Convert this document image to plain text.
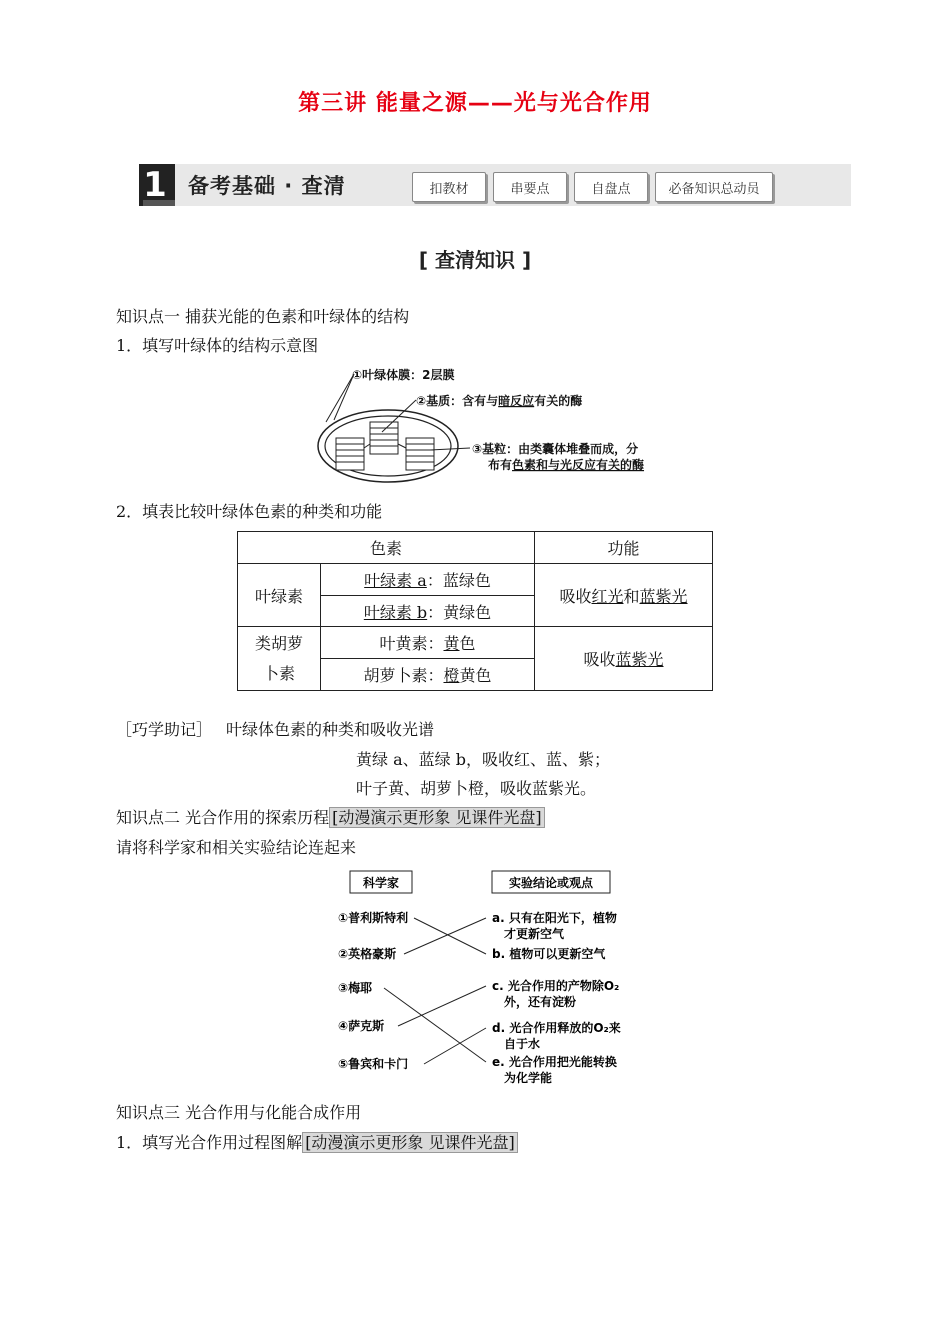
第三讲 能量之源——光与光合作用
1 备考基础 · 查清	扣教材	串要点	自盘点	必备知识总动员
[ 查清知识 ]
知识点一 捕获光能的色素和叶绿体的结构
1．填写叶绿体的结构示意图
①叶绿体膜：2层膜
②基质：含有与暗反应有关的酶
③基粒：由类囊体堆叠而成，分
布有色素和与光反应有关的酶
2．填表比较叶绿体色素的种类和功能
色素		功能
叶绿素	叶绿素 a：蓝绿色	吸收红光和蓝紫光
	叶绿素 b：黄绿色	
类胡萝
卜素	叶黄素：黄色	吸收蓝紫光
	胡萝卜素：橙黄色	
［巧学助记］ 叶绿体色素的种类和吸收光谱
黄绿 a、蓝绿 b，吸收红、蓝、紫；
叶子黄、胡萝卜橙，吸收蓝紫光。
知识点二 光合作用的探索历程 [动漫演示更形象 见课件光盘]
请将科学家和相关实验结论连起来
科学家	实验结论或观点
①普利斯特利
②英格豪斯
③梅耶
④萨克斯
⑤鲁宾和卡门
a. 只有在阳光下，植物
才更新空气
b. 植物可以更新空气
c. 光合作用的产物除O₂
外，还有淀粉
d. 光合作用释放的O₂来
自于水
e. 光合作用把光能转换
为化学能
知识点三 光合作用与化能合成作用
1．填写光合作用过程图解 [动漫演示更形象 见课件光盘]
